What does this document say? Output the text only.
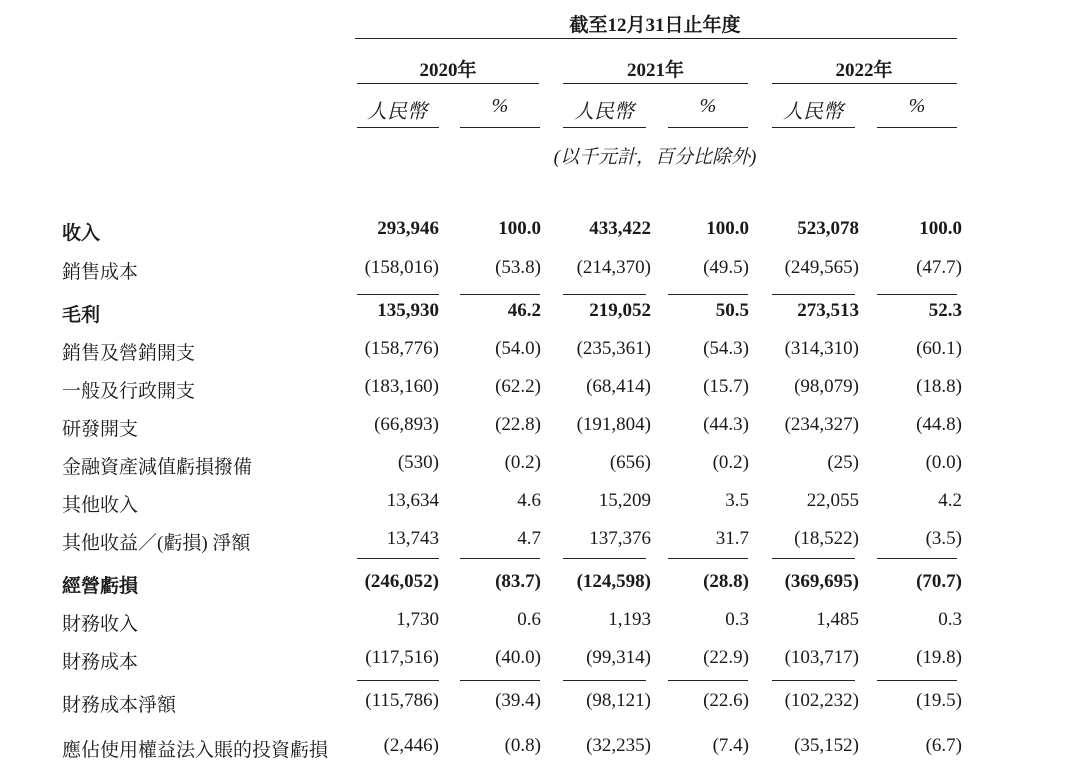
截至12月31日止年度
2020年	2021年	2022年
人民幣	%	人民幣	%	人民幣	%
(以千元計，百分比除外)
收入	293,946	100.0	433,422	100.0	523,078	100.0
銷售成本	(158,016)	(53.8)	(214,370)	(49.5)	(249,565)	(47.7)
毛利	135,930	46.2	219,052	50.5	273,513	52.3
銷售及營銷開支	(158,776)	(54.0)	(235,361)	(54.3)	(314,310)	(60.1)
一般及行政開支	(183,160)	(62.2)	(68,414)	(15.7)	(98,079)	(18.8)
研發開支	(66,893)	(22.8)	(191,804)	(44.3)	(234,327)	(44.8)
金融資產減值虧損撥備	(530)	(0.2)	(656)	(0.2)	(25)	(0.0)
其他收入	13,634	4.6	15,209	3.5	22,055	4.2
其他收益／(虧損) 淨額	13,743	4.7	137,376	31.7	(18,522)	(3.5)
經營虧損	(246,052)	(83.7)	(124,598)	(28.8)	(369,695)	(70.7)
財務收入	1,730	0.6	1,193	0.3	1,485	0.3
財務成本	(117,516)	(40.0)	(99,314)	(22.9)	(103,717)	(19.8)
財務成本淨額	(115,786)	(39.4)	(98,121)	(22.6)	(102,232)	(19.5)
應佔使用權益法入賬的投資虧損	(2,446)	(0.8)	(32,235)	(7.4)	(35,152)	(6.7)
